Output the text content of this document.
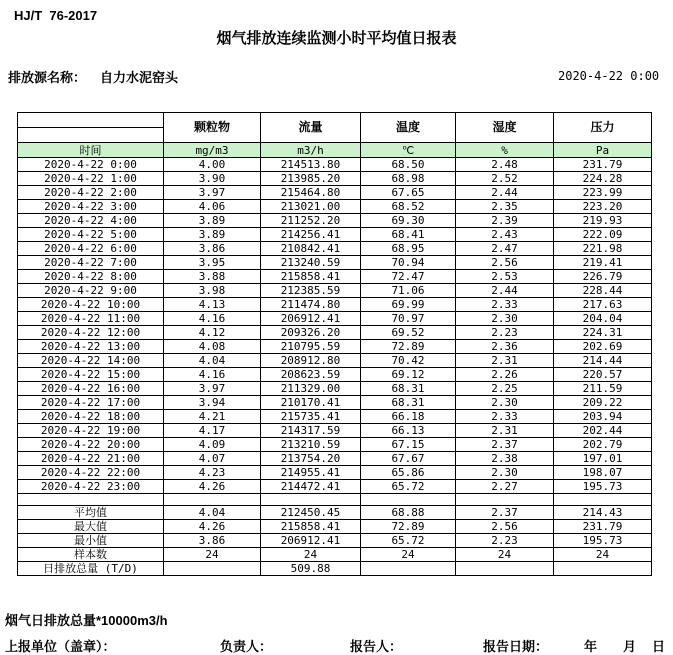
HJ/T  76-2017
烟气排放连续监测小时平均值日报表
排放源名称： 自力水泥窑头	2020-4-22 0:00
	颗粒物	流量	温度	湿度	压力

时间	mg/m3	m3/h	℃	%	Pa
2020-4-22 0:00	4.00	214513.80	68.50	2.48	231.79
2020-4-22 1:00	3.90	213985.20	68.98	2.52	224.28
2020-4-22 2:00	3.97	215464.80	67.65	2.44	223.99
2020-4-22 3:00	4.06	213021.00	68.52	2.35	223.20
2020-4-22 4:00	3.89	211252.20	69.30	2.39	219.93
2020-4-22 5:00	3.89	214256.41	68.41	2.43	222.09
2020-4-22 6:00	3.86	210842.41	68.95	2.47	221.98
2020-4-22 7:00	3.95	213240.59	70.94	2.56	219.41
2020-4-22 8:00	3.88	215858.41	72.47	2.53	226.79
2020-4-22 9:00	3.98	212385.59	71.06	2.44	228.44
2020-4-22 10:00	4.13	211474.80	69.99	2.33	217.63
2020-4-22 11:00	4.16	206912.41	70.97	2.30	204.04
2020-4-22 12:00	4.12	209326.20	69.52	2.23	224.31
2020-4-22 13:00	4.08	210795.59	72.89	2.36	202.69
2020-4-22 14:00	4.04	208912.80	70.42	2.31	214.44
2020-4-22 15:00	4.16	208623.59	69.12	2.26	220.57
2020-4-22 16:00	3.97	211329.00	68.31	2.25	211.59
2020-4-22 17:00	3.94	210170.41	68.31	2.30	209.22
2020-4-22 18:00	4.21	215735.41	66.18	2.33	203.94
2020-4-22 19:00	4.17	214317.59	66.13	2.31	202.44
2020-4-22 20:00	4.09	213210.59	67.15	2.37	202.79
2020-4-22 21:00	4.07	213754.20	67.67	2.38	197.01
2020-4-22 22:00	4.23	214955.41	65.86	2.30	198.07
2020-4-22 23:00	4.26	214472.41	65.72	2.27	195.73

平均值	4.04	212450.45	68.88	2.37	214.43
最大值	4.26	215858.41	72.89	2.56	231.79
最小值	3.86	206912.41	65.72	2.23	195.73
样本数	24	24	24	24	24
日排放总量 (T/D)		509.88			
烟气日排放总量*10000m3/h
上报单位（盖章）：	负责人：	报告人：	报告日期：	年 月 日
